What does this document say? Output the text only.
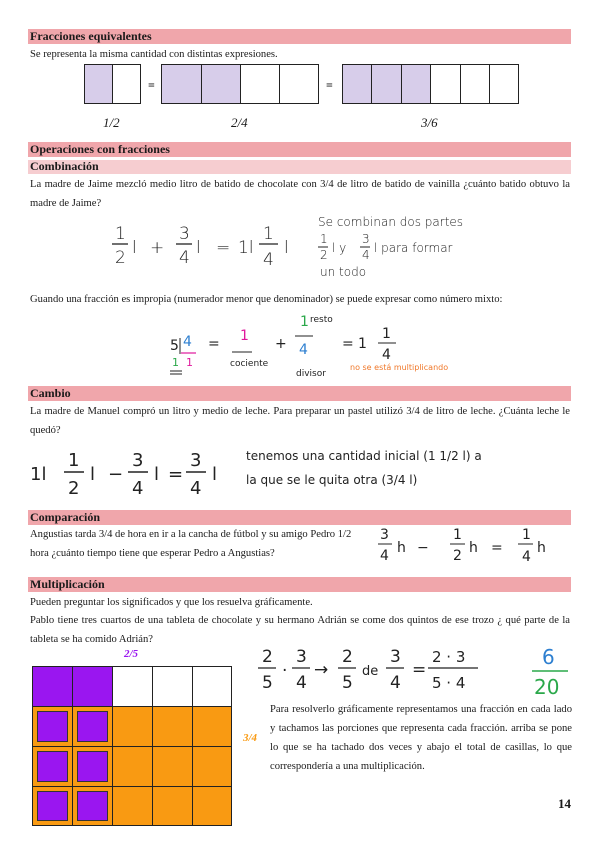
Fracciones equivalentes
Se representa la misma cantidad con distintas expresiones.
=	=
1/2	2/4	3/6
Operaciones con fracciones
Combinación
La madre de Jaime mezcló medio litro de batido de chocolate con 3/4 de litro de batido de vainilla ¿cuánto batido obtuvo la madre de Jaime?
1
2 l +
3
4 l = 1l
1
4
l
Se combinan dos partes
1
2 l y
3
4 l para formar
un todo
Guando una fracción es impropia (numerador menor que denominador) se puede expresar como número mixto:
5 4
1 1
= 1
cociente
+
1 resto
4
divisor
= 1
1
4
no se está multiplicando
Cambio
La madre de Manuel compró un litro y medio de leche. Para preparar un pastel utilizó 3/4 de litro de leche. ¿Cuánta leche le quedó?
1l
1
2
l −
3
4
l =
3
4
l
tenemos una cantidad inicial (1 1/2 l) a
la que se le quita otra (3/4 l)
Comparación
Angustias tarda 3/4 de hora en ir a la cancha de fútbol y su amigo Pedro 1/2 hora ¿cuánto tiempo tiene que esperar Pedro a Angustias?
3
4 h −
1
2 h =
1
4
h
Multiplicación
Pueden preguntar los significados y que los resuelva gráficamente.
Pablo tiene tres cuartos de una tableta de chocolate y su hermano Adrián se come dos quintos de ese trozo ¿ qué parte de la tableta se ha comido Adrián?
2/5
3/4
2
5
·
3
4
→
2
5
de
3
4
=
2 · 3
5 · 4
6
20
Para resolverlo gráficamente representamos una fracción en cada lado y tachamos las porciones que representa cada fracción. arriba se pone lo que se ha tachado dos veces y abajo el total de casillas, lo que correspondería a una multiplicación.
14
